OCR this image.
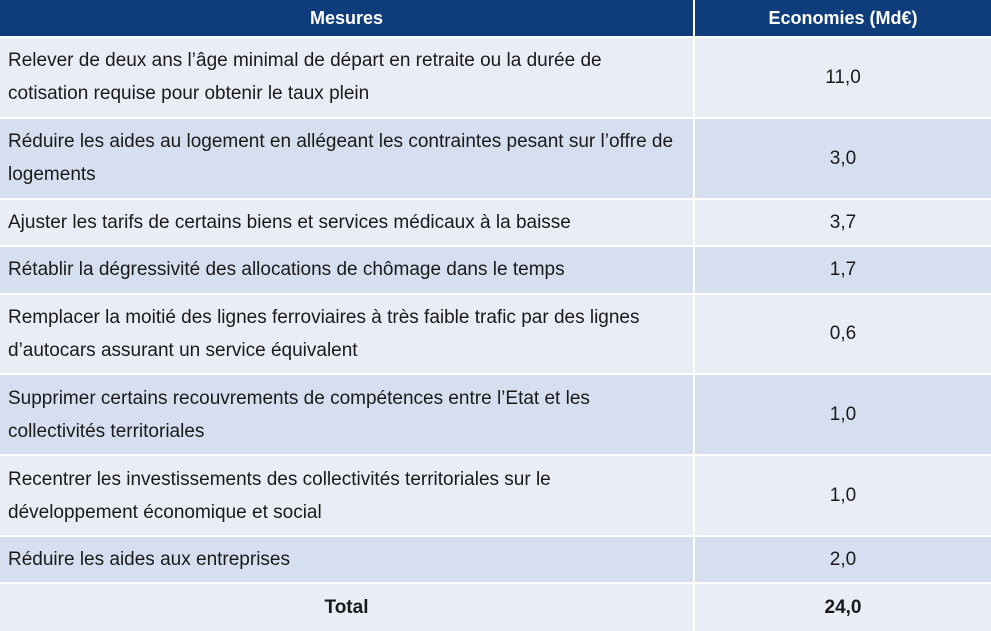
Mesures	Economies (Md€)
Relever de deux ans l’âge minimal de départ en retraite ou la durée de cotisation requise pour obtenir le taux plein	11,0
Réduire les aides au logement en allégeant les contraintes pesant sur l’offre de logements	3,0
Ajuster les tarifs de certains biens et services médicaux à la baisse	3,7
Rétablir la dégressivité des allocations de chômage dans le temps	1,7
Remplacer la moitié des lignes ferroviaires à très faible trafic par des lignes d’autocars assurant un service équivalent	0,6
Supprimer certains recouvrements de compétences entre l’Etat et les collectivités territoriales	1,0
Recentrer les investissements des collectivités territoriales sur le développement économique et social	1,0
Réduire les aides aux entreprises	2,0
Total	24,0
